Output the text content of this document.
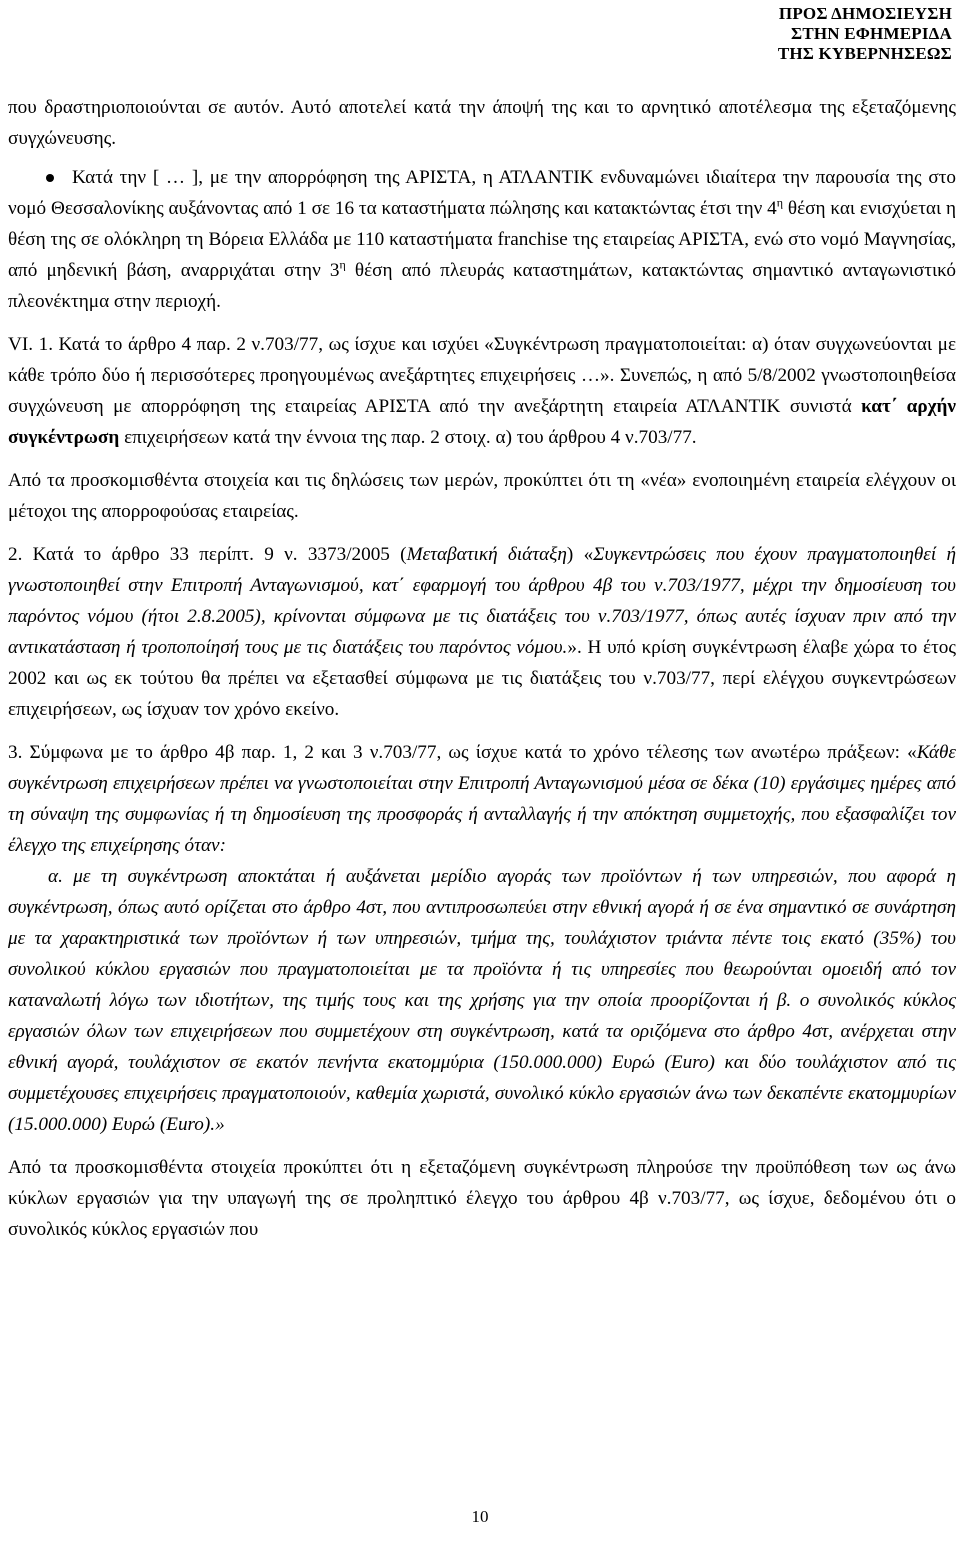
ΠΡΟΣ ΔΗΜΟΣΙΕΥΣΗ
ΣΤΗΝ ΕΦΗΜΕΡΙΔΑ
ΤΗΣ ΚΥΒΕΡΝΗΣΕΩΣ

που δραστηριοποιούνται σε αυτόν. Αυτό αποτελεί κατά την άποψή της και το αρνητικό αποτέλεσμα της εξεταζόμενης συγχώνευσης.

Κατά την [ … ], με την απορρόφηση της ΑΡΙΣΤΑ, η ΑΤΛΑΝΤΙΚ ενδυναμώνει ιδιαίτερα την παρουσία της στο νομό Θεσσαλονίκης αυξάνοντας από 1 σε 16 τα καταστήματα πώλησης και κατακτώντας έτσι την $4^\eta$ θέση και ενισχύεται η θέση της σε ολόκληρη τη Βόρεια Ελλάδα με 110 καταστήματα franchise της εταιρείας ΑΡΙΣΤΑ, ενώ στο νομό Μαγνησίας, από μηδενική βάση, αναρριχάται στην $3^\eta$ θέση από πλευράς καταστημάτων, κατακτώντας σημαντικό ανταγωνιστικό πλεονέκτημα στην περιοχή.

VI. 1. Κατά το άρθρο 4 παρ. 2 ν.703/77, ως ίσχυε και ισχύει «Συγκέντρωση πραγματοποιείται: α) όταν συγχωνεύονται με κάθε τρόπο δύο ή περισσότερες προηγουμένως ανεξάρτητες επιχειρήσεις …». Συνεπώς, η από 5/8/2002 γνωστοποιηθείσα συγχώνευση με απορρόφηση της εταιρείας ΑΡΙΣΤΑ από την ανεξάρτητη εταιρεία ΑΤΛΑΝΤΙΚ συνιστά κατ΄ αρχήν συγκέντρωση επιχειρήσεων κατά την έννοια της παρ. 2 στοιχ. α) του άρθρου 4 ν.703/77.

Από τα προσκομισθέντα στοιχεία και τις δηλώσεις των μερών, προκύπτει ότι τη «νέα» ενοποιημένη εταιρεία ελέγχουν οι μέτοχοι της απορροφούσας εταιρείας.

2. Κατά το άρθρο 33 περίπτ. 9 ν. 3373/2005 (Μεταβατική διάταξη) «Συγκεντρώσεις που έχουν πραγματοποιηθεί ή γνωστοποιηθεί στην Επιτροπή Ανταγωνισμού, κατ΄ εφαρμογή του άρθρου 4β του ν.703/1977, μέχρι την δημοσίευση του παρόντος νόμου (ήτοι 2.8.2005), κρίνονται σύμφωνα με τις διατάξεις του ν.703/1977, όπως αυτές ίσχυαν πριν από την αντικατάσταση ή τροποποίησή τους με τις διατάξεις του παρόντος νόμου.». Η υπό κρίση συγκέντρωση έλαβε χώρα το έτος 2002 και ως εκ τούτου θα πρέπει να εξετασθεί σύμφωνα με τις διατάξεις του ν.703/77, περί ελέγχου συγκεντρώσεων επιχειρήσεων, ως ίσχυαν τον χρόνο εκείνο.

3. Σύμφωνα με το άρθρο 4β παρ. 1, 2 και 3 ν.703/77, ως ίσχυε κατά το χρόνο τέλεσης των ανωτέρω πράξεων: «Κάθε συγκέντρωση επιχειρήσεων πρέπει να γνωστοποιείται στην Επιτροπή Ανταγωνισμού μέσα σε δέκα (10) εργάσιμες ημέρες από τη σύναψη της συμφωνίας ή τη δημοσίευση της προσφοράς ή ανταλλαγής ή την απόκτηση συμμετοχής, που εξασφαλίζει τον έλεγχο της επιχείρησης όταν:

α. με τη συγκέντρωση αποκτάται ή αυξάνεται μερίδιο αγοράς των προϊόντων ή των υπηρεσιών, που αφορά η συγκέντρωση, όπως αυτό ορίζεται στο άρθρο 4στ, που αντιπροσωπεύει στην εθνική αγορά ή σε ένα σημαντικό σε συνάρτηση με τα χαρακτηριστικά των προϊόντων ή των υπηρεσιών, τμήμα της, τουλάχιστον τριάντα πέντε τοις εκατό (35%) του συνολικού κύκλου εργασιών που πραγματοποιείται με τα προϊόντα ή τις υπηρεσίες που θεωρούνται ομοειδή από τον καταναλωτή λόγω των ιδιοτήτων, της τιμής τους και της χρήσης για την οποία προορίζονται ή β. ο συνολικός κύκλος εργασιών όλων των επιχειρήσεων που συμμετέχουν στη συγκέντρωση, κατά τα οριζόμενα στο άρθρο 4στ, ανέρχεται στην εθνική αγορά, τουλάχιστον σε εκατόν πενήντα εκατομμύρια (150.000.000) Ευρώ (Euro) και δύο τουλάχιστον από τις συμμετέχουσες επιχειρήσεις πραγματοποιούν, καθεμία χωριστά, συνολικό κύκλο εργασιών άνω των δεκαπέντε εκατομμυρίων (15.000.000) Ευρώ (Euro).»

Από τα προσκομισθέντα στοιχεία προκύπτει ότι η εξεταζόμενη συγκέντρωση πληρούσε την προϋπόθεση των ως άνω κύκλων εργασιών για την υπαγωγή της σε προληπτικό έλεγχο του άρθρου 4β ν.703/77, ως ίσχυε, δεδομένου ότι ο συνολικός κύκλος εργασιών που

10
